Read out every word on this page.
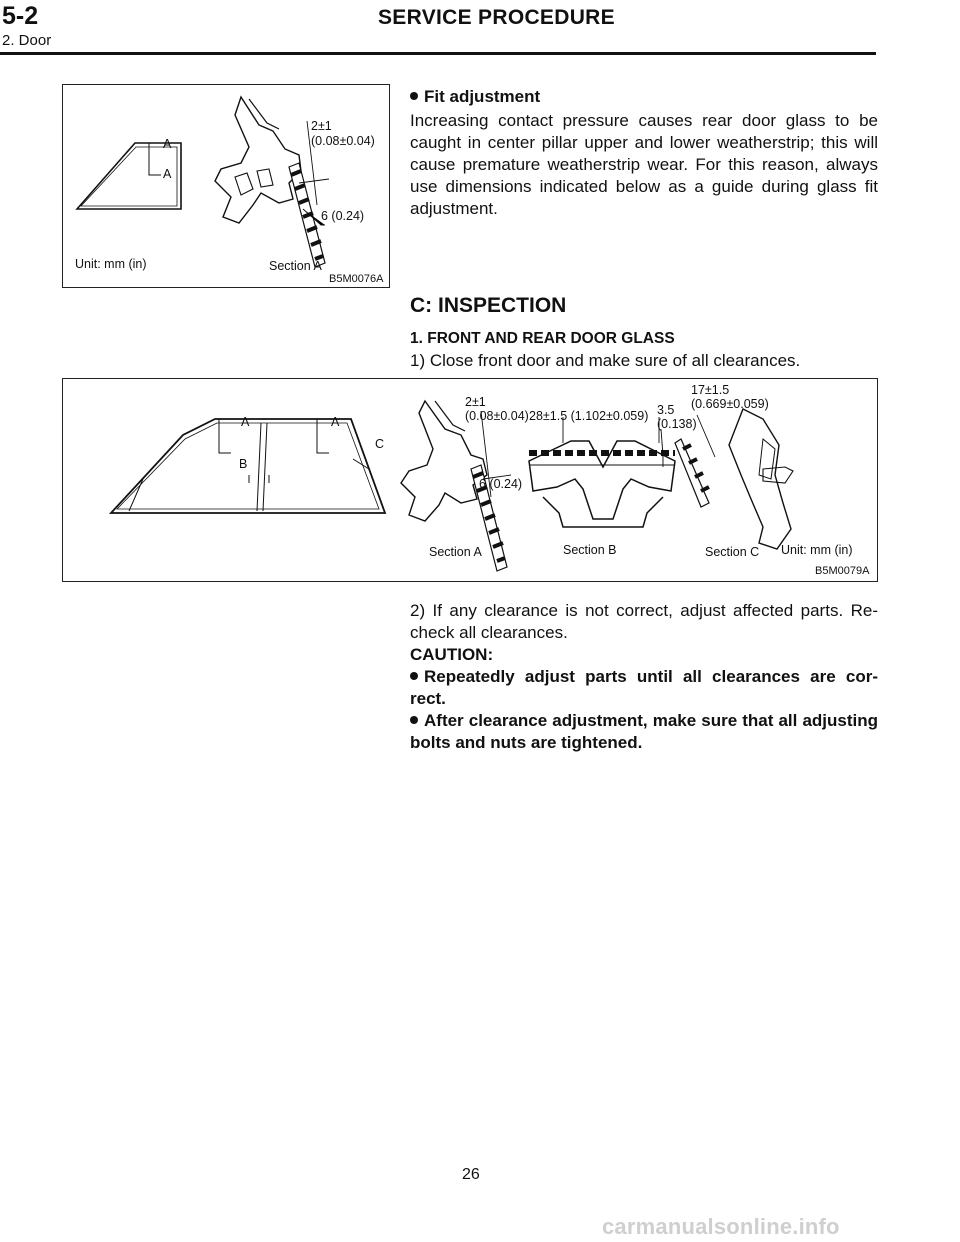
5-2	SERVICE PROCEDURE
2. Door
A
A
2±1
(0.08±0.04)
6 (0.24)
Unit: mm (in)	Section A
B5M0076A
Fit adjustment
Increasing contact pressure causes rear door glass to be caught in center pillar upper and lower weatherstrip; this will cause premature weatherstrip wear. For this reason, always use dimensions indicated below as a guide during glass fit adjustment.
C: INSPECTION
1. FRONT AND REAR DOOR GLASS
1) Close front door and make sure of all clearances.
A	A
B
C
2±1
(0.08±0.04)
6 (0.24)
28±1.5 (1.102±0.059) 3.5
(0.138)
17±1.5
(0.669±0.059)
Section A	Section B	Section C Unit: mm (in)
B5M0079A
2) If any clearance is not correct, adjust affected parts. Re-check all clearances.
CAUTION:
Repeatedly adjust parts until all clearances are cor- rect.
After clearance adjustment, make sure that all adjusting bolts and nuts are tightened.
26
carmanualsonline.info
